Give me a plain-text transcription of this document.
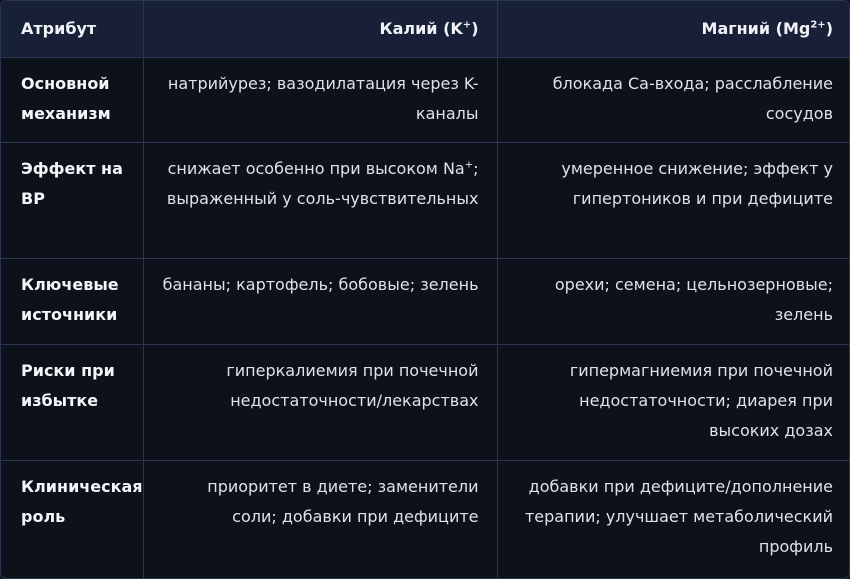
Атрибут	Калий (K+)	Магний $(Mg^{2+})$
Основной механизм	натрийурез; вазодилатация через K-каналы	блокада Ca-входа; расслабление сосудов
Эффект на BP	снижает особенно при высоком Na+; выраженный у соль-чувствительных	умеренное снижение; эффект у гипертоников и при дефиците
Ключевые источники	бананы; картофель; бобовые; зелень	орехи; семена; цельнозерновые; зелень
Риски при избытке	гиперкалиемия при почечной недостаточности/лекарствах	гипермагниемия при почечной недостаточности; диарея при высоких дозах
Клиническая роль	приоритет в диете; заменители соли; добавки при дефиците	добавки при дефиците/дополнение терапии; улучшает метаболический профиль
